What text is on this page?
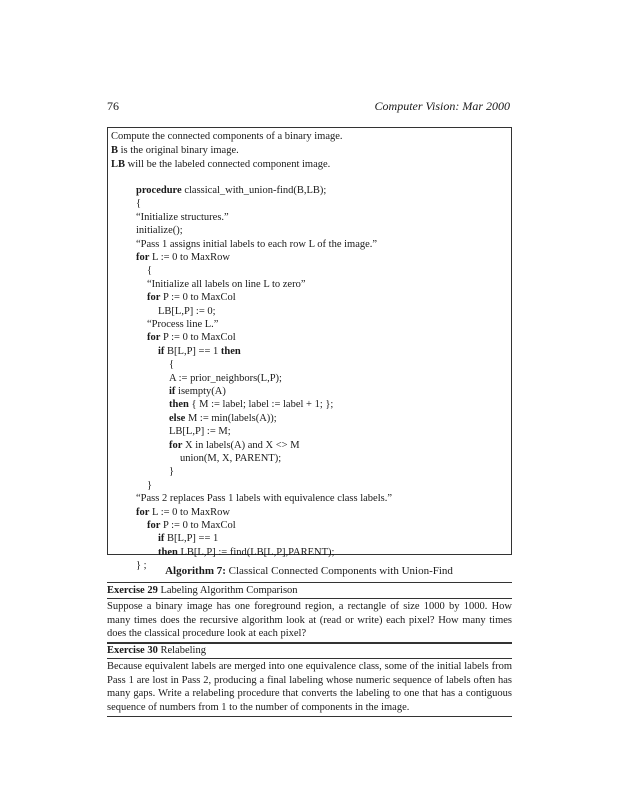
76	Computer Vision: Mar 2000
Compute the connected components of a binary image.
B is the original binary image.
LB will be the labeled connected component image.
procedure classical_with_union-find(B,LB);
{
“Initialize structures.”
initialize();
“Pass 1 assigns initial labels to each row L of the image.”
for L := 0 to MaxRow
{
“Initialize all labels on line L to zero”
for P := 0 to MaxCol
LB[L,P] := 0;
“Process line L.”
for P := 0 to MaxCol
if B[L,P] == 1 then
{
A := prior_neighbors(L,P);
if isempty(A)
then { M := label; label := label + 1; };
else M := min(labels(A));
LB[L,P] := M;
for X in labels(A) and X <> M
union(M, X, PARENT);
}
}
“Pass 2 replaces Pass 1 labels with equivalence class labels.”
for L := 0 to MaxRow
for P := 0 to MaxCol
if B[L,P] == 1
then LB[L,P] := find(LB[L,P],PARENT);
} ;	Algorithm 7: Classical Connected Components with Union-Find
Exercise 29 Labeling Algorithm Comparison
Suppose a binary image has one foreground region, a rectangle of size 1000 by 1000. How many times does the recursive algorithm look at (read or write) each pixel? How many times does the classical procedure look at each pixel?
Exercise 30 Relabeling
Because equivalent labels are merged into one equivalence class, some of the initial labels from Pass 1 are lost in Pass 2, producing a final labeling whose numeric sequence of labels often has many gaps. Write a relabeling procedure that converts the labeling to one that has a contiguous sequence of numbers from 1 to the number of components in the image.
